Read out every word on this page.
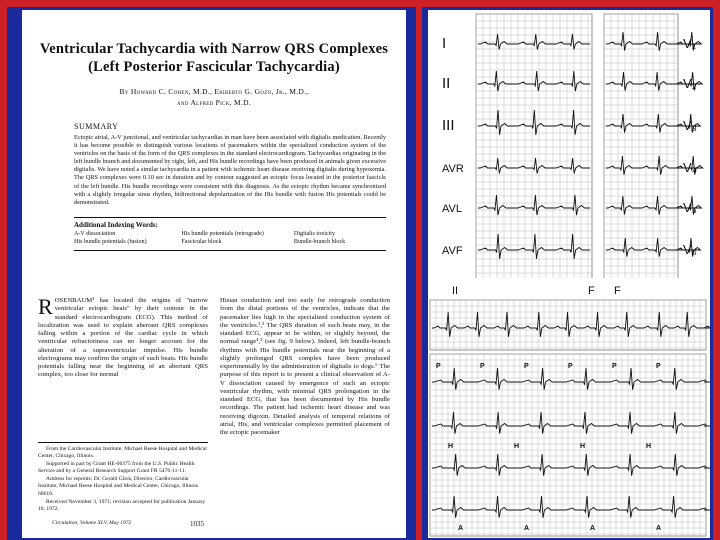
Ventricular Tachycardia with Narrow QRS Complexes (Left Posterior Fascicular Tachycardia)
By Howard C. Cohen, M.D., Eriberto G. Gozo, Jr., M.D.,
and Alfred Pick, M.D.
SUMMARY
Ectopic atrial, A-V junctional, and ventricular tachycardias in man have been associated with digitalis medication. Recently it has become possible to distinguish various locations of pacemakers within the specialized conduction system of the ventricles on the basis of the form of the QRS complexes in the standard electrocardiogram. Tachycardias originating in the left bundle branch and documented by right, left, and His bundle recordings have been produced in animals given excessive digitalis. We have noted a similar tachycardia in a patient with ischemic heart disease receiving digitalis during hypoxemia. The QRS complexes were 0.10 sec in duration and by contour suggested an ectopic focus located in the posterior fascicle of the left bundle. His bundle recordings were consistent with this diagnosis. As the ectopic rhythm became synchronized with a slightly irregular sinus rhythm, bidirectional depolarization of the His bundle with fusion His potentials could be demonstrated.
Additional Indexing Words:
A-V dissociation	His bundle potentials (retrograde)	Digitalis toxicity
His bundle potentials (fusion)	Fascicular block	Bundle-branch block
ROSENBAUM¹ has located the origins of "narrow ventricular ectopic beats" by their contour in the standard electrocardiogram (ECG). This method of localization was used to explain aberrant QRS complexes falling within a portion of the cardiac cycle in which ventricular refractoriness can no longer account for the alteration of a supraventricular impulse. His bundle electrograms may confirm the origin of such beats. His bundle potentials falling near the beginning of an aberrant QRS complex, too close for normal
Hisian conduction and too early for retrograde conduction from the distal portions of the ventricles, indicate that the pacemaker lies high in the specialized conduction system of the ventricles.²,³ The QRS duration of such beats may, in the standard ECG, appear to be within, or slightly beyond, the normal range⁴,⁵ (see fig. 9 below). Indeed, left bundle-branch rhythms with His bundle potentials near the beginning of a slightly prolonged QRS complex have been produced experimentally by the administration of digitalis to dogs.⁶ The purpose of this report is to present a clinical observation of A-V dissociation caused by emergence of such an ectopic ventricular rhythm, with minimal QRS prolongation in the standard ECG, that has been documented by His bundle recordings. The patient had ischemic heart disease and was receiving digoxin. Detailed analysis of temporal relations of atrial, His, and ventricular complexes permitted placement of the ectopic pacemaker

From the Cardiovascular Institute, Michael Reese Hospital and Medical Center, Chicago, Illinois.

Supported in part by Grant HE-06375 from the U.S. Public Health Service and by a General Research Support Grant FR 5476-11-11.

Address for reprints: Dr. Gerald Glick, Director, Cardiovascular Institute, Michael Reese Hospital and Medical Center, Chicago, Illinois 60616.

Received November 3, 1971; revision accepted for publication January 10, 1972.

Circulation, Volume XLV, May 1972	1035
I	V₁
II	V₂
III	V₃
AVR	V₄
AVL	V₅
AVF	V₆
II	F F
P	P	P	P	P	P
H	H	H	H
A	A	A	A
